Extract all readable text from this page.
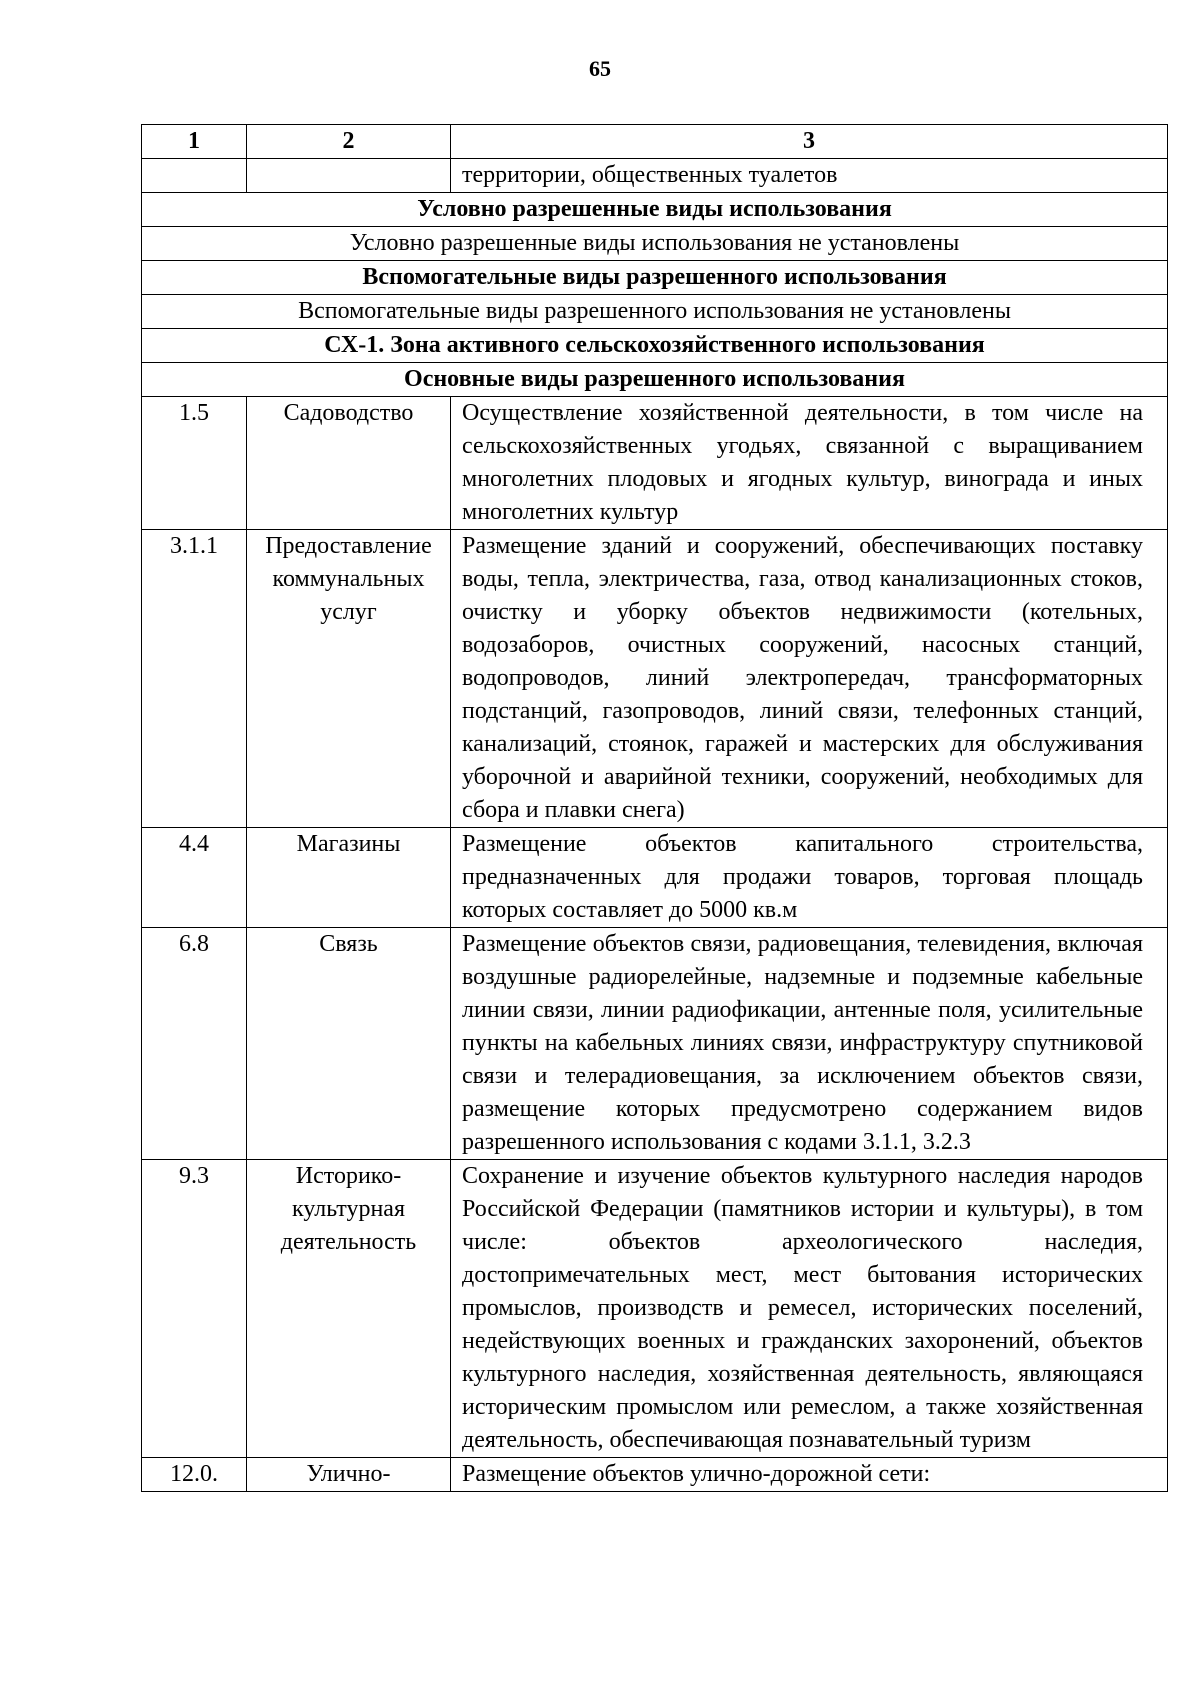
65
1	2	3
		территории, общественных туалетов
Условно разрешенные виды использования		
Условно разрешенные виды использования не установлены		
Вспомогательные виды разрешенного использования		
Вспомогательные виды разрешенного использования не установлены		
СХ-1. Зона активного сельскохозяйственного использования		
Основные виды разрешенного использования		
1.5	Садоводство	Осуществление хозяйственной деятельности, в том числе на сельскохозяйственных угодьях, связанной с выращиванием многолетних плодовых и ягодных культур, винограда и иных многолетних культур
3.1.1	Предоставление коммунальных услуг	Размещение зданий и сооружений, обеспечивающих поставку воды, тепла, электричества, газа, отвод канализационных стоков, очистку и уборку объектов недвижимости (котельных, водозаборов, очистных сооружений, насосных станций, водопроводов, линий электропередач, трансформаторных подстанций, газопроводов, линий связи, телефонных станций, канализаций, стоянок, гаражей и мастерских для обслуживания уборочной и аварийной техники, сооружений, необходимых для сбора и плавки снега)
4.4	Магазины	Размещение объектов капитального строительства, предназначенных для продажи товаров, торговая площадь которых составляет до 5000 кв.м
6.8	Связь	Размещение объектов связи, радиовещания, телевидения, включая воздушные радиорелейные, надземные и подземные кабельные линии связи, линии радиофикации, антенные поля, усилительные пункты на кабельных линиях связи, инфраструктуру спутниковой связи и телерадиовещания, за исключением объектов связи, размещение которых предусмотрено содержанием видов разрешенного использования с кодами 3.1.1, 3.2.3
9.3	Историко-культурная деятельность	Сохранение и изучение объектов культурного наследия народов Российской Федерации (памятников истории и культуры), в том числе: объектов археологического наследия, достопримечательных мест, мест бытования исторических промыслов, производств и ремесел, исторических поселений, недействующих военных и гражданских захоронений, объектов культурного наследия, хозяйственная деятельность, являющаяся историческим промыслом или ремеслом, а также хозяйственная деятельность, обеспечивающая познавательный туризм
12.0.	Улично-	Размещение объектов улично-дорожной сети:
